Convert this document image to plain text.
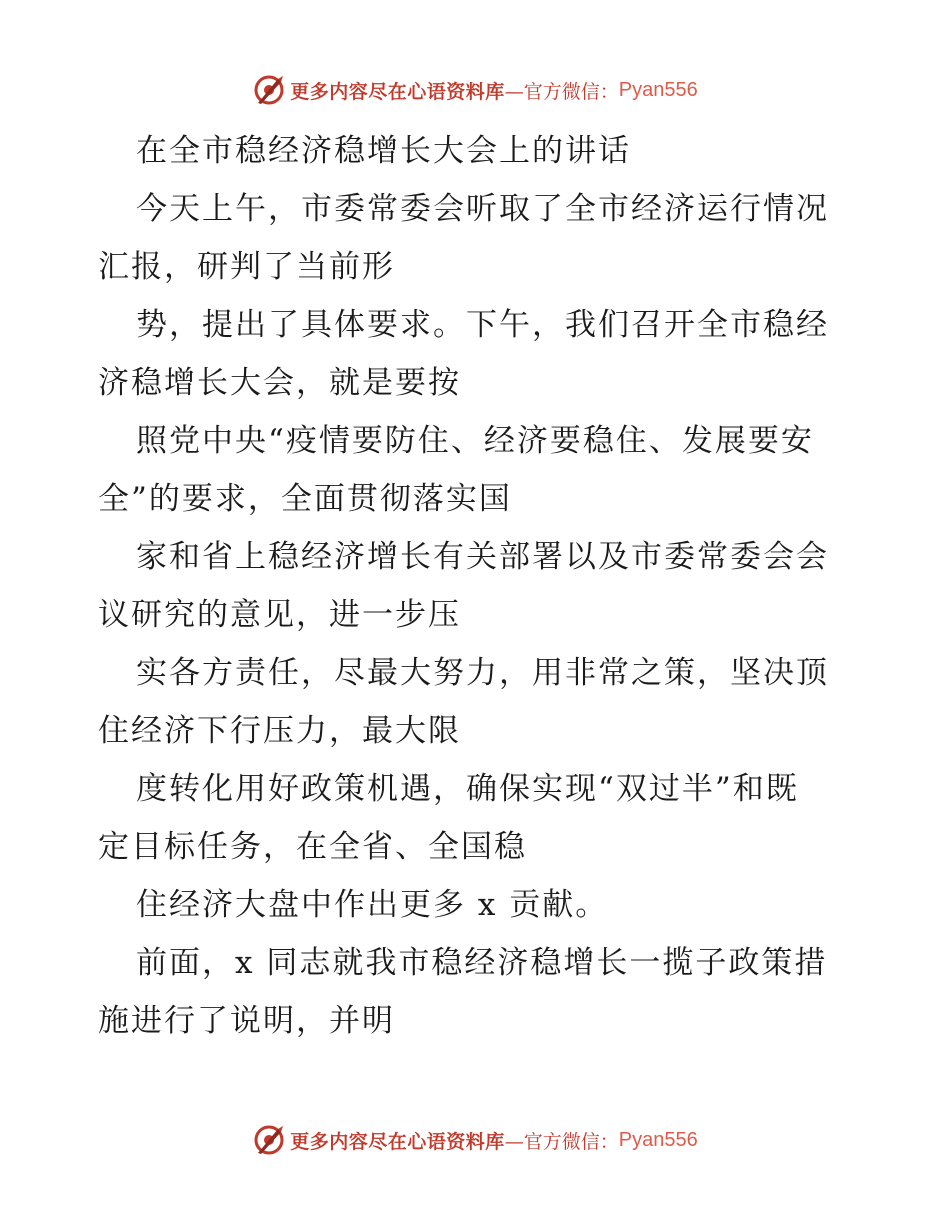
更多内容尽在心语资料库 —官方微信： Pyan556
在全市稳经济稳增长大会上的讲话
今天上午，市委常委会听取了全市经济运行情况
汇报，研判了当前形
势，提出了具体要求。下午，我们召开全市稳经
济稳增长大会，就是要按
照党中央“疫情要防住、经济要稳住、发展要安
全”的要求，全面贯彻落实国
家和省上稳经济增长有关部署以及市委常委会会
议研究的意见，进一步压
实各方责任，尽最大努力，用非常之策，坚决顶
住经济下行压力，最大限
度转化用好政策机遇，确保实现“双过半”和既
定目标任务，在全省、全国稳
住经济大盘中作出更多 x 贡献。
前面，x 同志就我市稳经济稳增长一揽子政策措
施进行了说明，并明
更多内容尽在心语资料库 —官方微信： Pyan556
